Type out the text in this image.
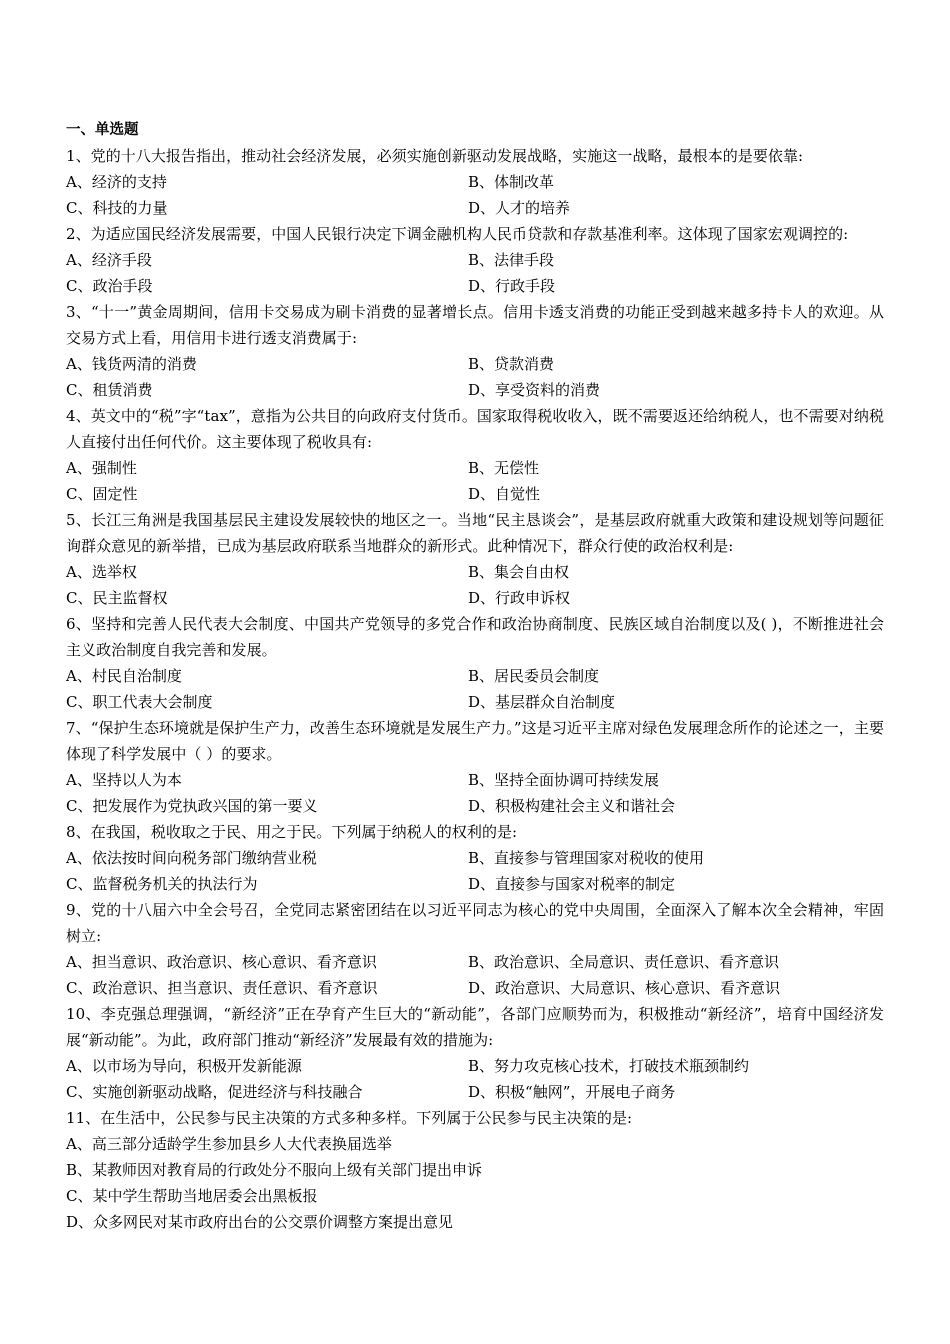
一、单选题
1、党的十八大报告指出，推动社会经济发展，必须实施创新驱动发展战略，实施这一战略，最根本的是要依靠:
A、经济的支持	B、体制改革
C、科技的力量	D、人才的培养
2、为适应国民经济发展需要，中国人民银行决定下调金融机构人民币贷款和存款基准利率。这体现了国家宏观调控的:
A、经济手段	B、法律手段
C、政治手段	D、行政手段
3、“十一”黄金周期间，信用卡交易成为刷卡消费的显著增长点。信用卡透支消费的功能正受到越来越多持卡人的欢迎。从交易方式上看，用信用卡进行透支消费属于:
A、钱货两清的消费	B、贷款消费
C、租赁消费	D、享受资料的消费
4、英文中的“税”字“tax”，意指为公共目的向政府支付货币。国家取得税收收入，既不需要返还给纳税人，也不需要对纳税人直接付出任何代价。这主要体现了税收具有:
A、强制性	B、无偿性
C、固定性	D、自觉性
5、长江三角洲是我国基层民主建设发展较快的地区之一。当地“民主恳谈会”，是基层政府就重大政策和建设规划等问题征询群众意见的新举措，已成为基层政府联系当地群众的新形式。此种情况下，群众行使的政治权利是:
A、选举权	B、集会自由权
C、民主监督权	D、行政申诉权
6、坚持和完善人民代表大会制度、中国共产党领导的多党合作和政治协商制度、民族区域自治制度以及( )，不断推进社会主义政治制度自我完善和发展。
A、村民自治制度	B、居民委员会制度
C、职工代表大会制度	D、基层群众自治制度
7、“保护生态环境就是保护生产力，改善生态环境就是发展生产力。”这是习近平主席对绿色发展理念所作的论述之一，主要体现了科学发展中（ ）的要求。
A、坚持以人为本	B、坚持全面协调可持续发展
C、把发展作为党执政兴国的第一要义	D、积极构建社会主义和谐社会
8、在我国，税收取之于民、用之于民。下列属于纳税人的权利的是:
A、依法按时间向税务部门缴纳营业税	B、直接参与管理国家对税收的使用
C、监督税务机关的执法行为	D、直接参与国家对税率的制定
9、党的十八届六中全会号召，全党同志紧密团结在以习近平同志为核心的党中央周围，全面深入了解本次全会精神，牢固树立:
A、担当意识、政治意识、核心意识、看齐意识	B、政治意识、全局意识、责任意识、看齐意识
C、政治意识、担当意识、责任意识、看齐意识	D、政治意识、大局意识、核心意识、看齐意识
10、李克强总理强调，“新经济”正在孕育产生巨大的“新动能”，各部门应顺势而为，积极推动“新经济”，培育中国经济发展“新动能”。为此，政府部门推动“新经济”发展最有效的措施为:
A、以市场为导向，积极开发新能源	B、努力攻克核心技术，打破技术瓶颈制约
C、实施创新驱动战略，促进经济与科技融合	D、积极“触网”，开展电子商务
11、在生活中，公民参与民主决策的方式多种多样。下列属于公民参与民主决策的是:
A、高三部分适龄学生参加县乡人大代表换届选举
B、某教师因对教育局的行政处分不服向上级有关部门提出申诉
C、某中学生帮助当地居委会出黑板报
D、众多网民对某市政府出台的公交票价调整方案提出意见
